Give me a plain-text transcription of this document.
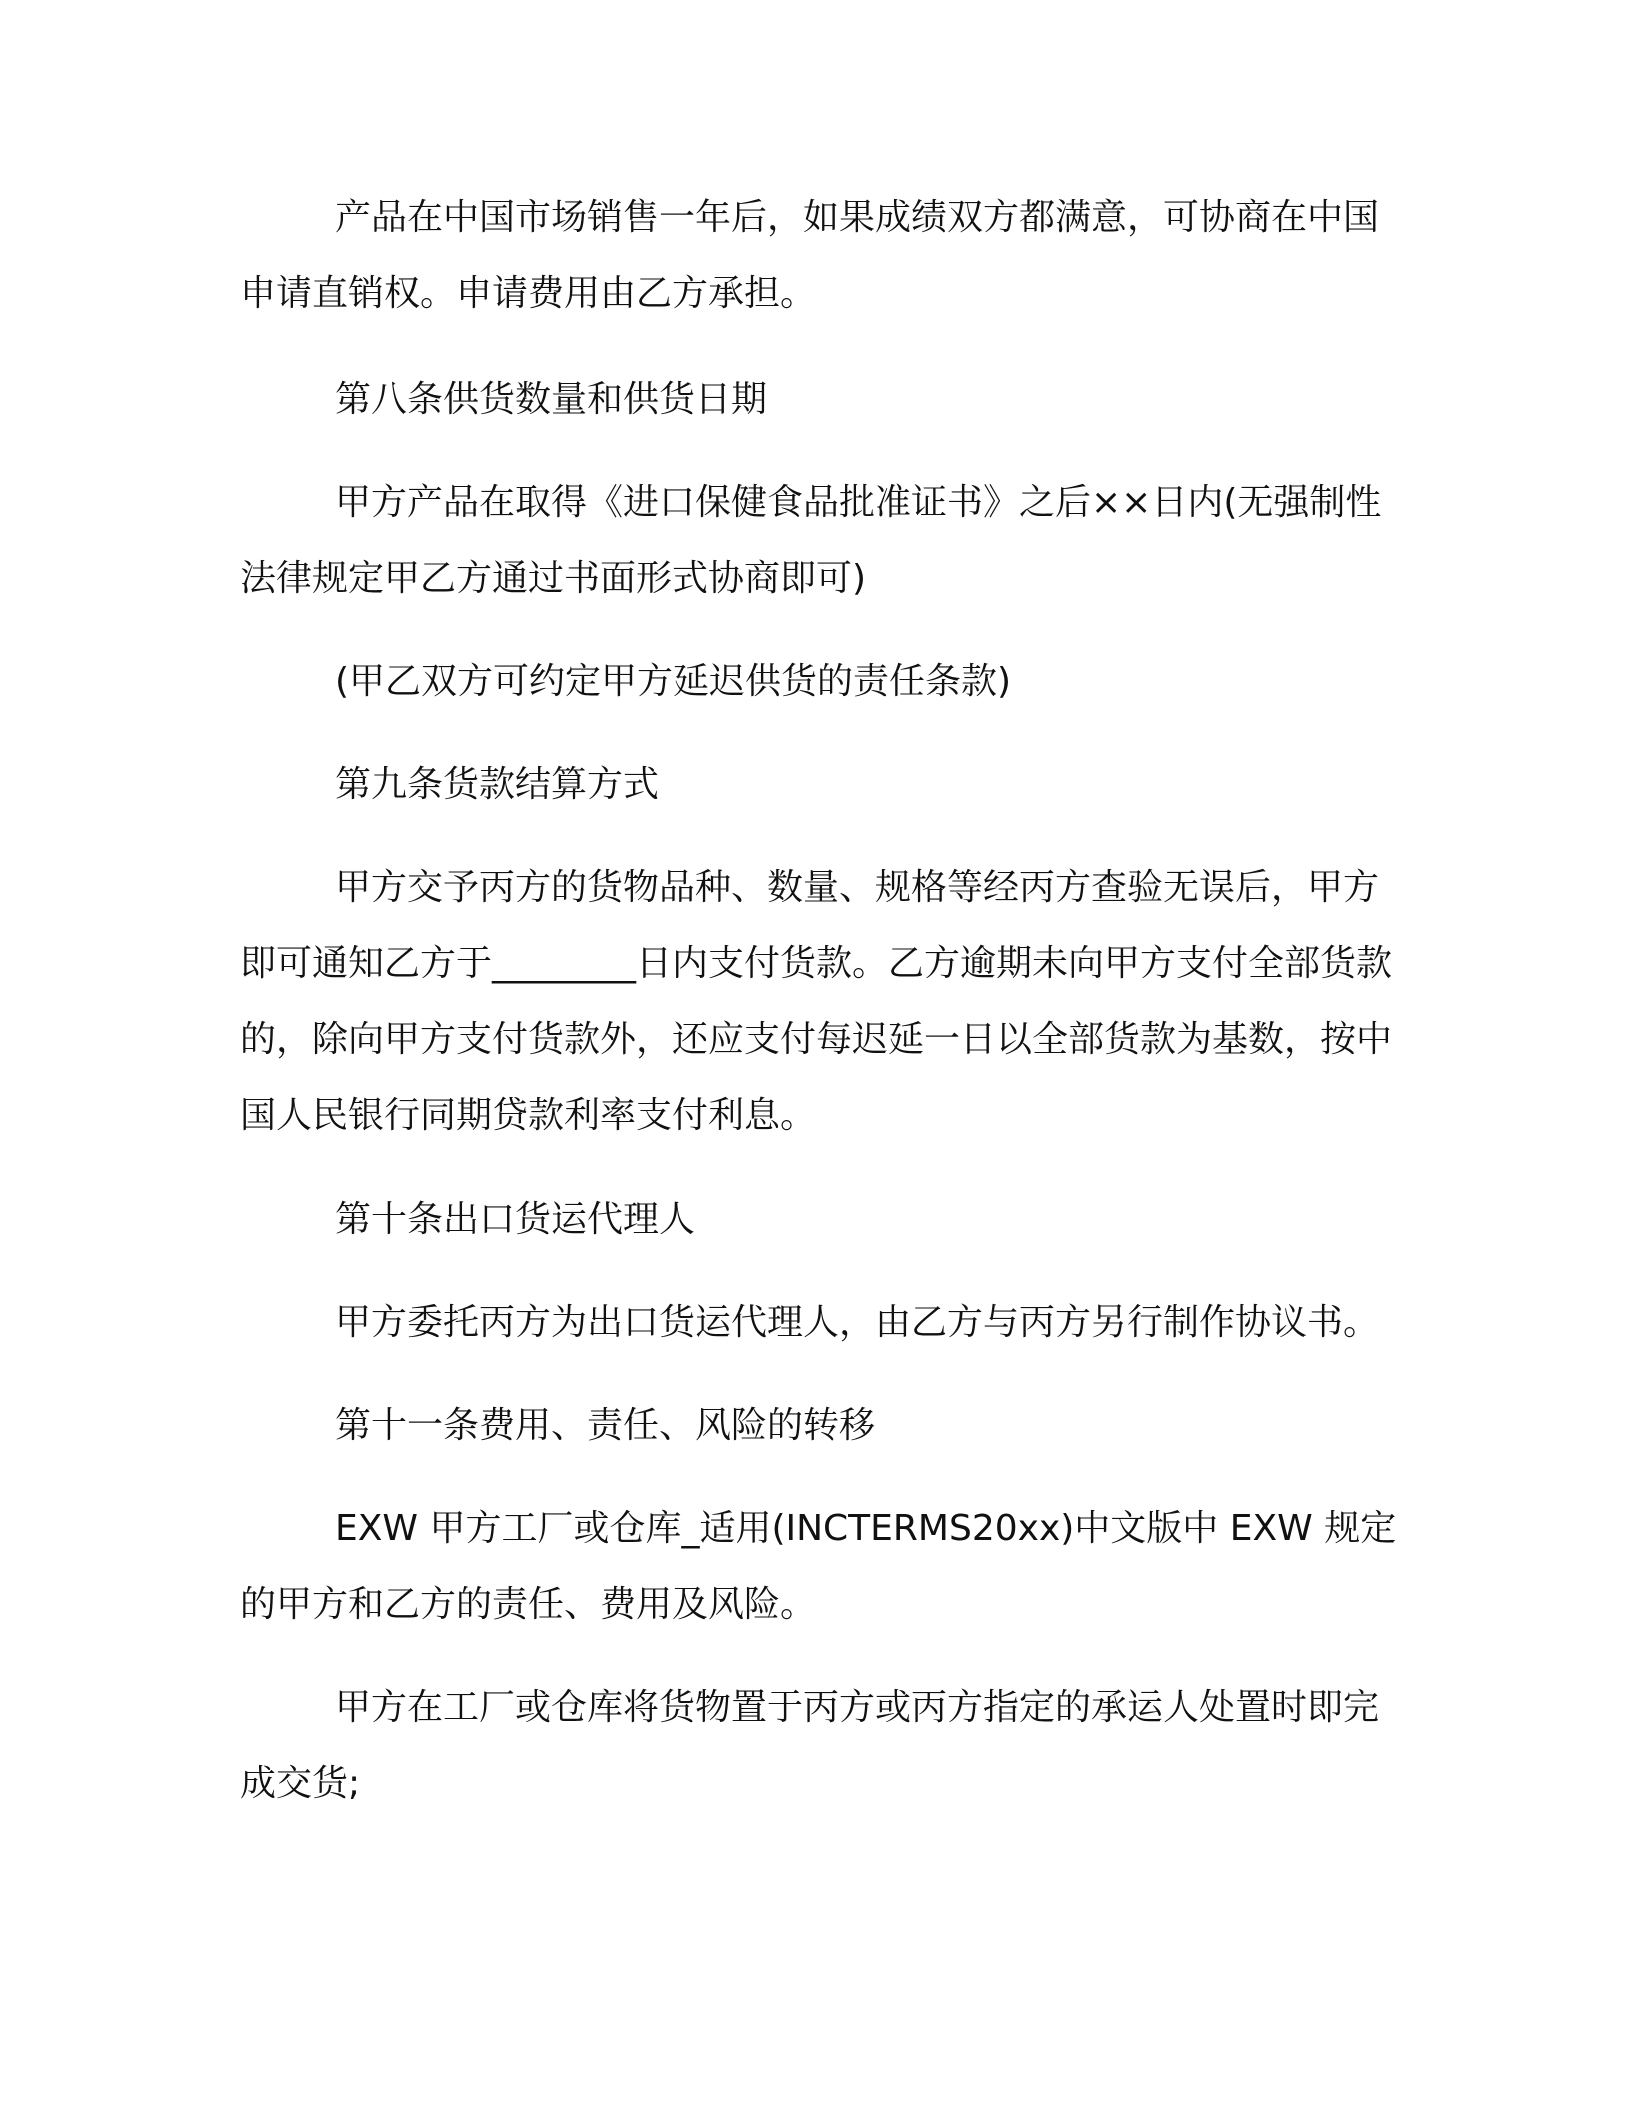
产品在中国市场销售一年后，如果成绩双方都满意，可协商在中国申请直销权。申请费用由乙方承担。

第八条供货数量和供货日期

甲方产品在取得《进口保健食品批准证书》之后××日内(无强制性法律规定甲乙方通过书面形式协商即可)

(甲乙双方可约定甲方延迟供货的责任条款)

第九条货款结算方式

甲方交予丙方的货物品种、数量、规格等经丙方查验无误后，甲方即可通知乙方于________日内支付货款。乙方逾期未向甲方支付全部货款的，除向甲方支付货款外，还应支付每迟延一日以全部货款为基数，按中国人民银行同期贷款利率支付利息。

第十条出口货运代理人

甲方委托丙方为出口货运代理人，由乙方与丙方另行制作协议书。

第十一条费用、责任、风险的转移

EXW 甲方工厂或仓库_适用(INCTERMS20xx)中文版中 EXW 规定的甲方和乙方的责任、费用及风险。

甲方在工厂或仓库将货物置于丙方或丙方指定的承运人处置时即完成交货;
